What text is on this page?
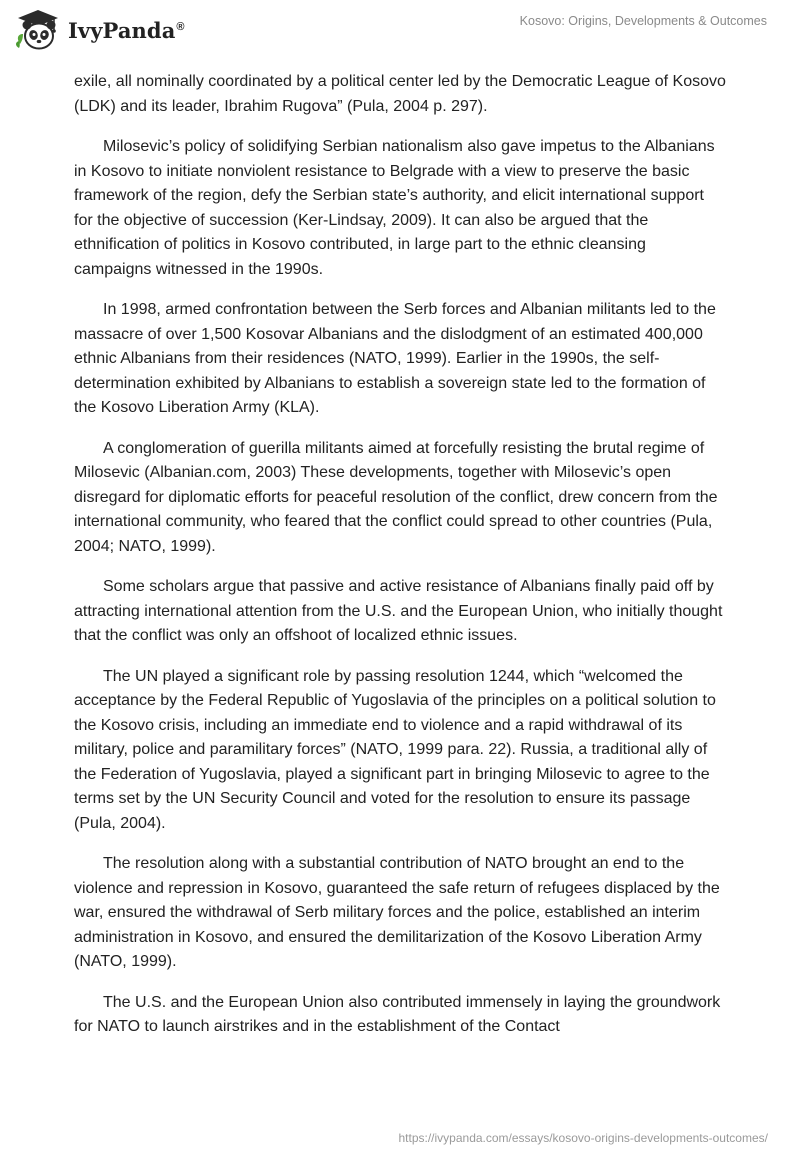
IvyPanda®	Kosovo: Origins, Developments & Outcomes

exile, all nominally coordinated by a political center led by the Democratic League of Kosovo (LDK) and its leader, Ibrahim Rugova” (Pula, 2004 p. 297).

Milosevic’s policy of solidifying Serbian nationalism also gave impetus to the Albanians in Kosovo to initiate nonviolent resistance to Belgrade with a view to preserve the basic framework of the region, defy the Serbian state’s authority, and elicit international support for the objective of succession (Ker-Lindsay, 2009). It can also be argued that the ethnification of politics in Kosovo contributed, in large part to the ethnic cleansing campaigns witnessed in the 1990s.

In 1998, armed confrontation between the Serb forces and Albanian militants led to the massacre of over 1,500 Kosovar Albanians and the dislodgment of an estimated 400,000 ethnic Albanians from their residences (NATO, 1999). Earlier in the 1990s, the self-determination exhibited by Albanians to establish a sovereign state led to the formation of the Kosovo Liberation Army (KLA).

A conglomeration of guerilla militants aimed at forcefully resisting the brutal regime of Milosevic (Albanian.com, 2003) These developments, together with Milosevic’s open disregard for diplomatic efforts for peaceful resolution of the conflict, drew concern from the international community, who feared that the conflict could spread to other countries (Pula, 2004; NATO, 1999).

Some scholars argue that passive and active resistance of Albanians finally paid off by attracting international attention from the U.S. and the European Union, who initially thought that the conflict was only an offshoot of localized ethnic issues.

The UN played a significant role by passing resolution 1244, which “welcomed the acceptance by the Federal Republic of Yugoslavia of the principles on a political solution to the Kosovo crisis, including an immediate end to violence and a rapid withdrawal of its military, police and paramilitary forces” (NATO, 1999 para. 22). Russia, a traditional ally of the Federation of Yugoslavia, played a significant part in bringing Milosevic to agree to the terms set by the UN Security Council and voted for the resolution to ensure its passage (Pula, 2004).

The resolution along with a substantial contribution of NATO brought an end to the violence and repression in Kosovo, guaranteed the safe return of refugees displaced by the war, ensured the withdrawal of Serb military forces and the police, established an interim administration in Kosovo, and ensured the demilitarization of the Kosovo Liberation Army (NATO, 1999).

The U.S. and the European Union also contributed immensely in laying the groundwork for NATO to launch airstrikes and in the establishment of the Contact

https://ivypanda.com/essays/kosovo-origins-developments-outcomes/
